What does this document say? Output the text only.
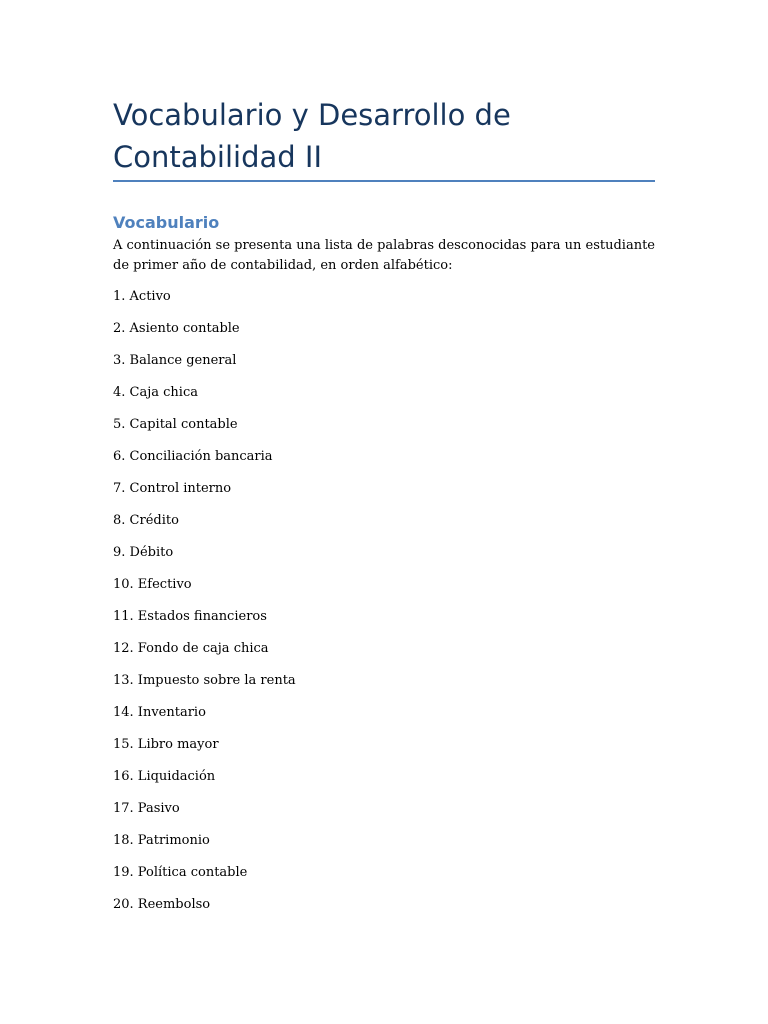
Vocabulario y Desarrollo de Contabilidad II
Vocabulario

A continuación se presenta una lista de palabras desconocidas para un estudiante de primer año de contabilidad, en orden alfabético:

1. Activo
2. Asiento contable
3. Balance general
4. Caja chica
5. Capital contable
6. Conciliación bancaria
7. Control interno
8. Crédito
9. Débito
10. Efectivo
11. Estados financieros
12. Fondo de caja chica
13. Impuesto sobre la renta
14. Inventario
15. Libro mayor
16. Liquidación
17. Pasivo
18. Patrimonio
19. Política contable
20. Reembolso
